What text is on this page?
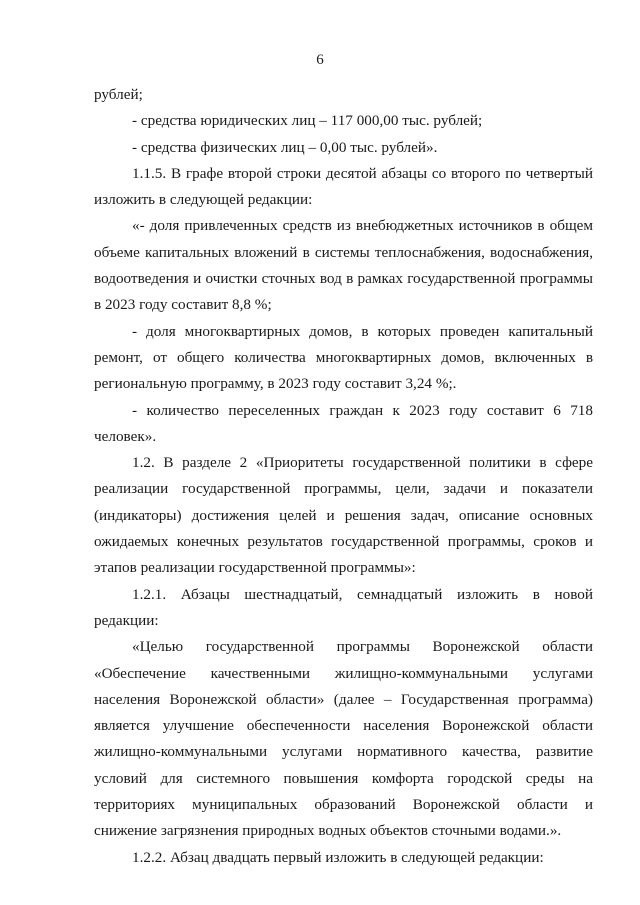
6

рублей;

- средства юридических лиц – 117 000,00 тыс. рублей;

- средства физических лиц – 0,00 тыс. рублей».

1.1.5. В графе второй строки десятой абзацы со второго по четвертый изложить в следующей редакции:

«- доля привлеченных средств из внебюджетных источников в общем объеме капитальных вложений в системы теплоснабжения, водоснабжения, водоотведения и очистки сточных вод в рамках государственной программы в 2023 году составит 8,8 %;

- доля многоквартирных домов, в которых проведен капитальный ремонт, от общего количества многоквартирных домов, включенных в региональную программу, в 2023 году составит 3,24 %;.

- количество переселенных граждан к 2023 году составит 6 718 человек».

1.2. В разделе 2 «Приоритеты государственной политики в сфере реализации государственной программы, цели, задачи и показатели (индикаторы) достижения целей и решения задач, описание основных ожидаемых конечных результатов государственной программы, сроков и этапов реализации государственной программы»:

1.2.1. Абзацы шестнадцатый, семнадцатый изложить в новой редакции:

«Целью государственной программы Воронежской области «Обеспечение качественными жилищно-коммунальными услугами населения Воронежской области» (далее – Государственная программа) является улучшение обеспеченности населения Воронежской области жилищно-коммунальными услугами нормативного качества, развитие условий для системного повышения комфорта городской среды на территориях муниципальных образований Воронежской области и снижение загрязнения природных водных объектов сточными водами.».

1.2.2. Абзац двадцать первый изложить в следующей редакции:
